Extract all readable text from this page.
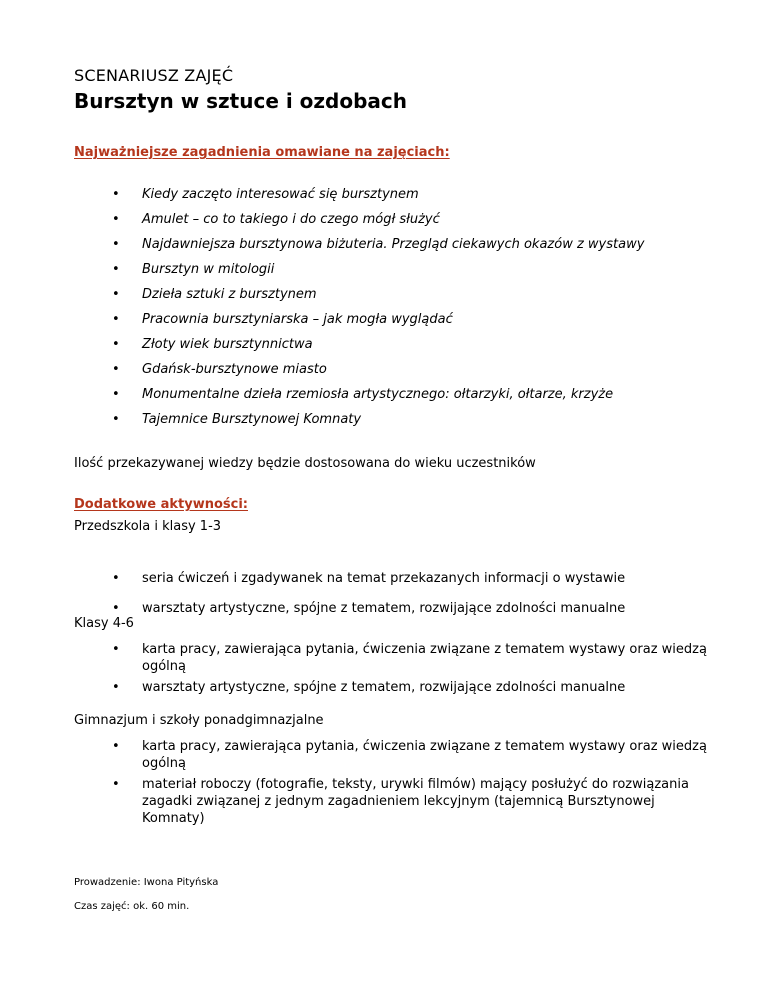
SCENARIUSZ ZAJĘĆ
Bursztyn w sztuce i ozdobach
Najważniejsze zagadnienia omawiane na zajęciach:
• Kiedy zaczęto interesować się bursztynem
• Amulet – co to takiego i do czego mógł służyć
• Najdawniejsza bursztynowa biżuteria. Przegląd ciekawych okazów z wystawy
• Bursztyn w mitologii
• Dzieła sztuki z bursztynem
• Pracownia bursztyniarska – jak mogła wyglądać
• Złoty wiek bursztynnictwa
• Gdańsk-bursztynowe miasto
• Monumentalne dzieła rzemiosła artystycznego: ołtarzyki, ołtarze, krzyże
• Tajemnice Bursztynowej Komnaty
Ilość przekazywanej wiedzy będzie dostosowana do wieku uczestników
Dodatkowe aktywności:
Przedszkola i klasy 1-3
• seria ćwiczeń i zgadywanek na temat przekazanych informacji o wystawie
• warsztaty artystyczne, spójne z tematem, rozwijające zdolności manualne
Klasy 4-6
• karta pracy, zawierająca pytania, ćwiczenia związane z tematem wystawy oraz wiedzą ogólną
• warsztaty artystyczne, spójne z tematem, rozwijające zdolności manualne
Gimnazjum i szkoły ponadgimnazjalne
• karta pracy, zawierająca pytania, ćwiczenia związane z tematem wystawy oraz wiedzą ogólną
• materiał roboczy (fotografie, teksty, urywki filmów) mający posłużyć do rozwiązania zagadki związanej z jednym zagadnieniem lekcyjnym (tajemnicą Bursztynowej Komnaty)
Prowadzenie: Iwona Pityńska
Czas zajęć: ok. 60 min.
